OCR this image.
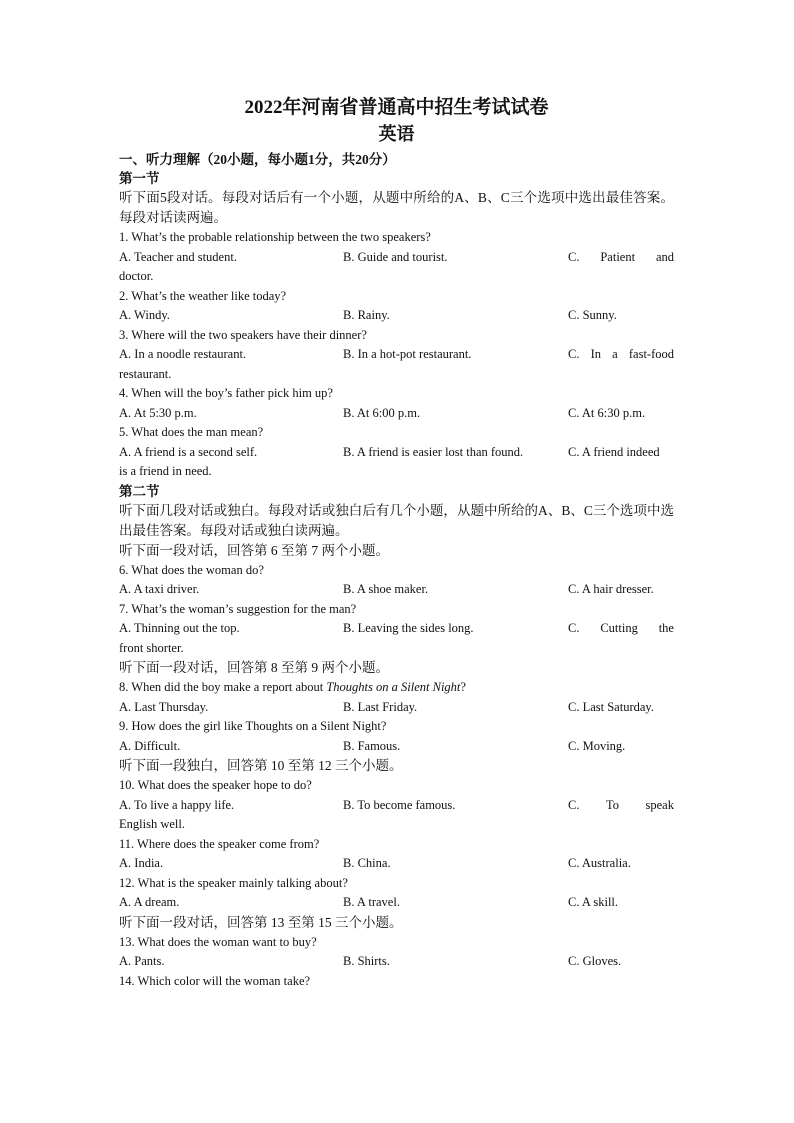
2022年河南省普通高中招生考试试卷
英语
一、听力理解（20小题，每小题1分，共20分）
第一节
听下面5段对话。每段对话后有一个小题，从题中所给的A、B、C三个选项中选出最佳答案。每段对话读两遍。
1. What’s the probable relationship between the two speakers?
A. Teacher and student.	B. Guide and tourist.	C. Patient and
doctor.
2. What’s the weather like today?
A. Windy.	B. Rainy.	C. Sunny.
3. Where will the two speakers have their dinner?
A. In a noodle restaurant.	B. In a hot-pot restaurant.	C. In a fast-food
restaurant.
4. When will the boy’s father pick him up?
A. At 5:30 p.m.	B. At 6:00 p.m.	C. At 6:30 p.m.
5. What does the man mean?
A. A friend is a second self.	B. A friend is easier lost than found.	C. A friend indeed
is a friend in need.
第二节
听下面几段对话或独白。每段对话或独白后有几个小题，从题中所给的A、B、C三个选项中选出最佳答案。每段对话或独白读两遍。
听下面一段对话，回答第 6 至第 7 两个小题。
6. What does the woman do?
A. A taxi driver.	B. A shoe maker.	C. A hair dresser.
7. What’s the woman’s suggestion for the man?
A. Thinning out the top.	B. Leaving the sides long.	C. Cutting the
front shorter.
听下面一段对话，回答第 8 至第 9 两个小题。
8. When did the boy make a report about Thoughts on a Silent Night?
A. Last Thursday.	B. Last Friday.	C. Last Saturday.
9. How does the girl like Thoughts on a Silent Night?
A. Difficult.	B. Famous.	C. Moving.
听下面一段独白，回答第 10 至第 12 三个小题。
10. What does the speaker hope to do?
A. To live a happy life.	B. To become famous.	C. To speak
English well.
11. Where does the speaker come from?
A. India.	B. China.	C. Australia.
12. What is the speaker mainly talking about?
A. A dream.	B. A travel.	C. A skill.
听下面一段对话，回答第 13 至第 15 三个小题。
13. What does the woman want to buy?
A. Pants.	B. Shirts.	C. Gloves.
14. Which color will the woman take?
